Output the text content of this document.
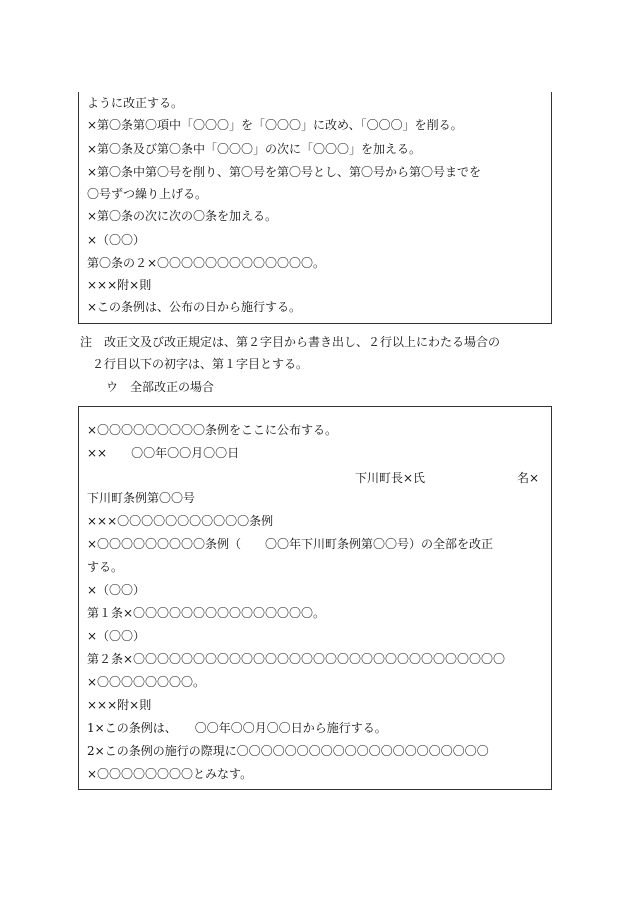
ように改正する。
×第〇条第〇項中「〇〇〇」を「〇〇〇」に改め、「〇〇〇」を削る。
×第〇条及び第〇条中「〇〇〇」の次に「〇〇〇」を加える。
×第〇条中第〇号を削り、第〇号を第〇号とし、第〇号から第〇号までを
〇号ずつ繰り上げる。
×第〇条の次に次の〇条を加える。
×（〇〇）
第〇条の２×〇〇〇〇〇〇〇〇〇〇〇〇〇。
×××附×則
×この条例は、公布の日から施行する。
注　改正文及び改正規定は、第２字目から書き出し、２行以上にわたる場合の
２行目以下の初字は、第１字目とする。
ウ　全部改正の場合
×〇〇〇〇〇〇〇〇〇条例をここに公布する。
××　　〇〇年〇〇月〇〇日
下川町長×氏	名×
下川町条例第〇〇号
×××〇〇〇〇〇〇〇〇〇〇〇条例
×〇〇〇〇〇〇〇〇〇条例（　　〇〇年下川町条例第〇〇号）の全部を改正
する。
×（〇〇）
第１条×〇〇〇〇〇〇〇〇〇〇〇〇〇〇〇。
×（〇〇）
第２条×〇〇〇〇〇〇〇〇〇〇〇〇〇〇〇〇〇〇〇〇〇〇〇〇〇〇〇〇〇〇〇
×〇〇〇〇〇〇〇〇。
×××附×則
1×この条例は、　　〇〇年〇〇月〇〇日から施行する。
2×この条例の施行の際現に〇〇〇〇〇〇〇〇〇〇〇〇〇〇〇〇〇〇〇〇〇
×〇〇〇〇〇〇〇〇とみなす。
